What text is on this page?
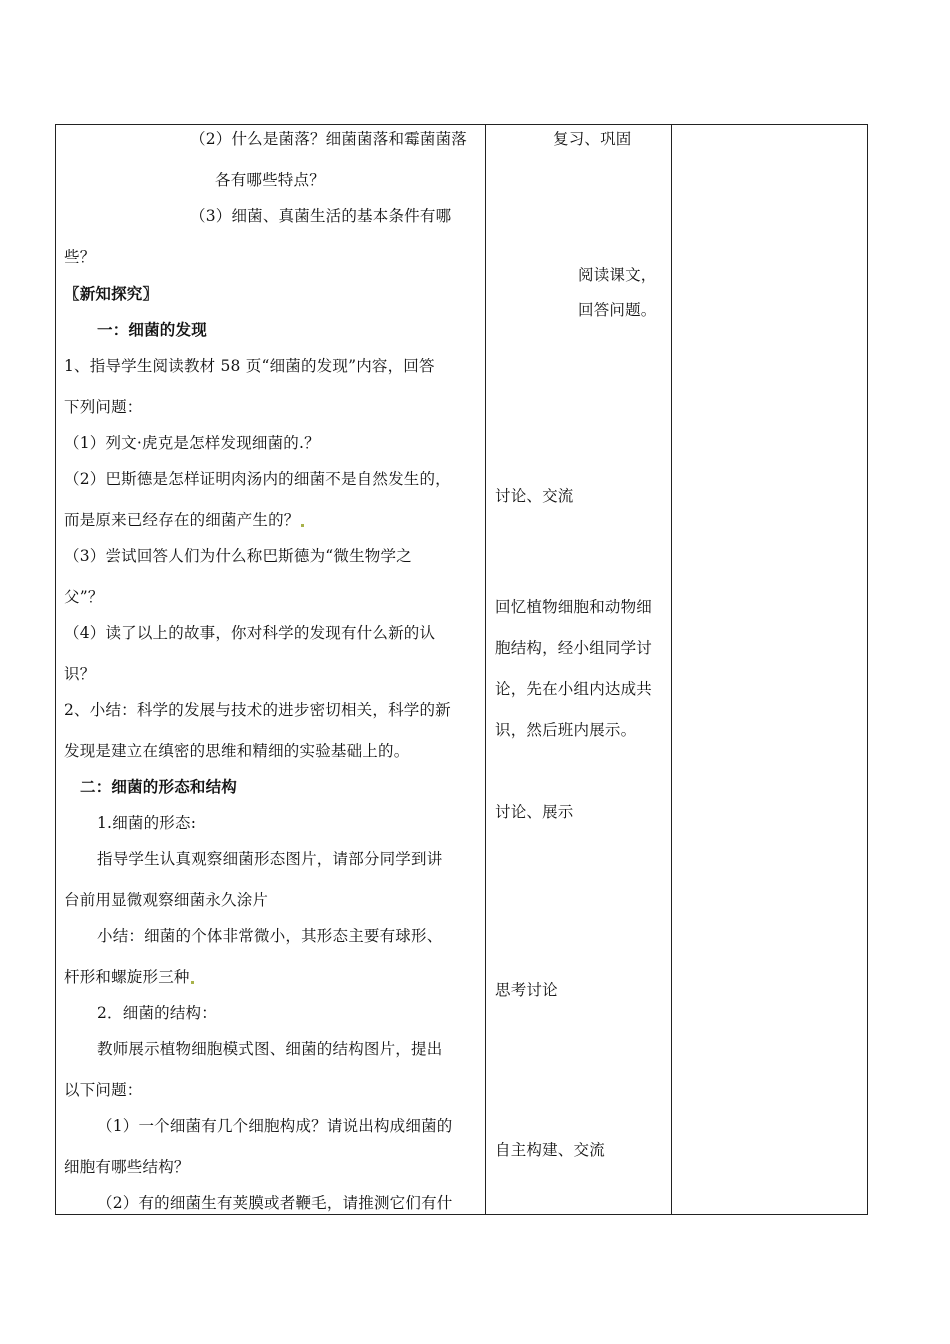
（2）什么是菌落？细菌菌落和霉菌菌落
各有哪些特点？
（3）细菌、真菌生活的基本条件有哪
些？
〖新知探究〗
一：细菌的发现
1、指导学生阅读教材 58 页“细菌的发现”内容，回答
下列问题：
（1）列文·虎克是怎样发现细菌的.？
（2）巴斯德是怎样证明肉汤内的细菌不是自然发生的，
而是原来已经存在的细菌产生的？
（3）尝试回答人们为什么称巴斯德为“微生物学之
父”？
（4）读了以上的故事，你对科学的发现有什么新的认
识？
2、小结：科学的发展与技术的进步密切相关，科学的新
发现是建立在缜密的思维和精细的实验基础上的。
二：细菌的形态和结构
1.细菌的形态:
指导学生认真观察细菌形态图片，请部分同学到讲
台前用显微观察细菌永久涂片
小结：细菌的个体非常微小，其形态主要有球形、
杆形和螺旋形三种
2．细菌的结构：
教师展示植物细胞模式图、细菌的结构图片，提出
以下问题：
（1）一个细菌有几个细胞构成？请说出构成细菌的
细胞有哪些结构？
（2）有的细菌生有荚膜或者鞭毛，请推测它们有什
复习、巩固
阅读课文，
回答问题。
讨论、交流
回忆植物细胞和动物细
胞结构，经小组同学讨
论，先在小组内达成共
识，然后班内展示。
讨论、展示
思考讨论
自主构建、交流
